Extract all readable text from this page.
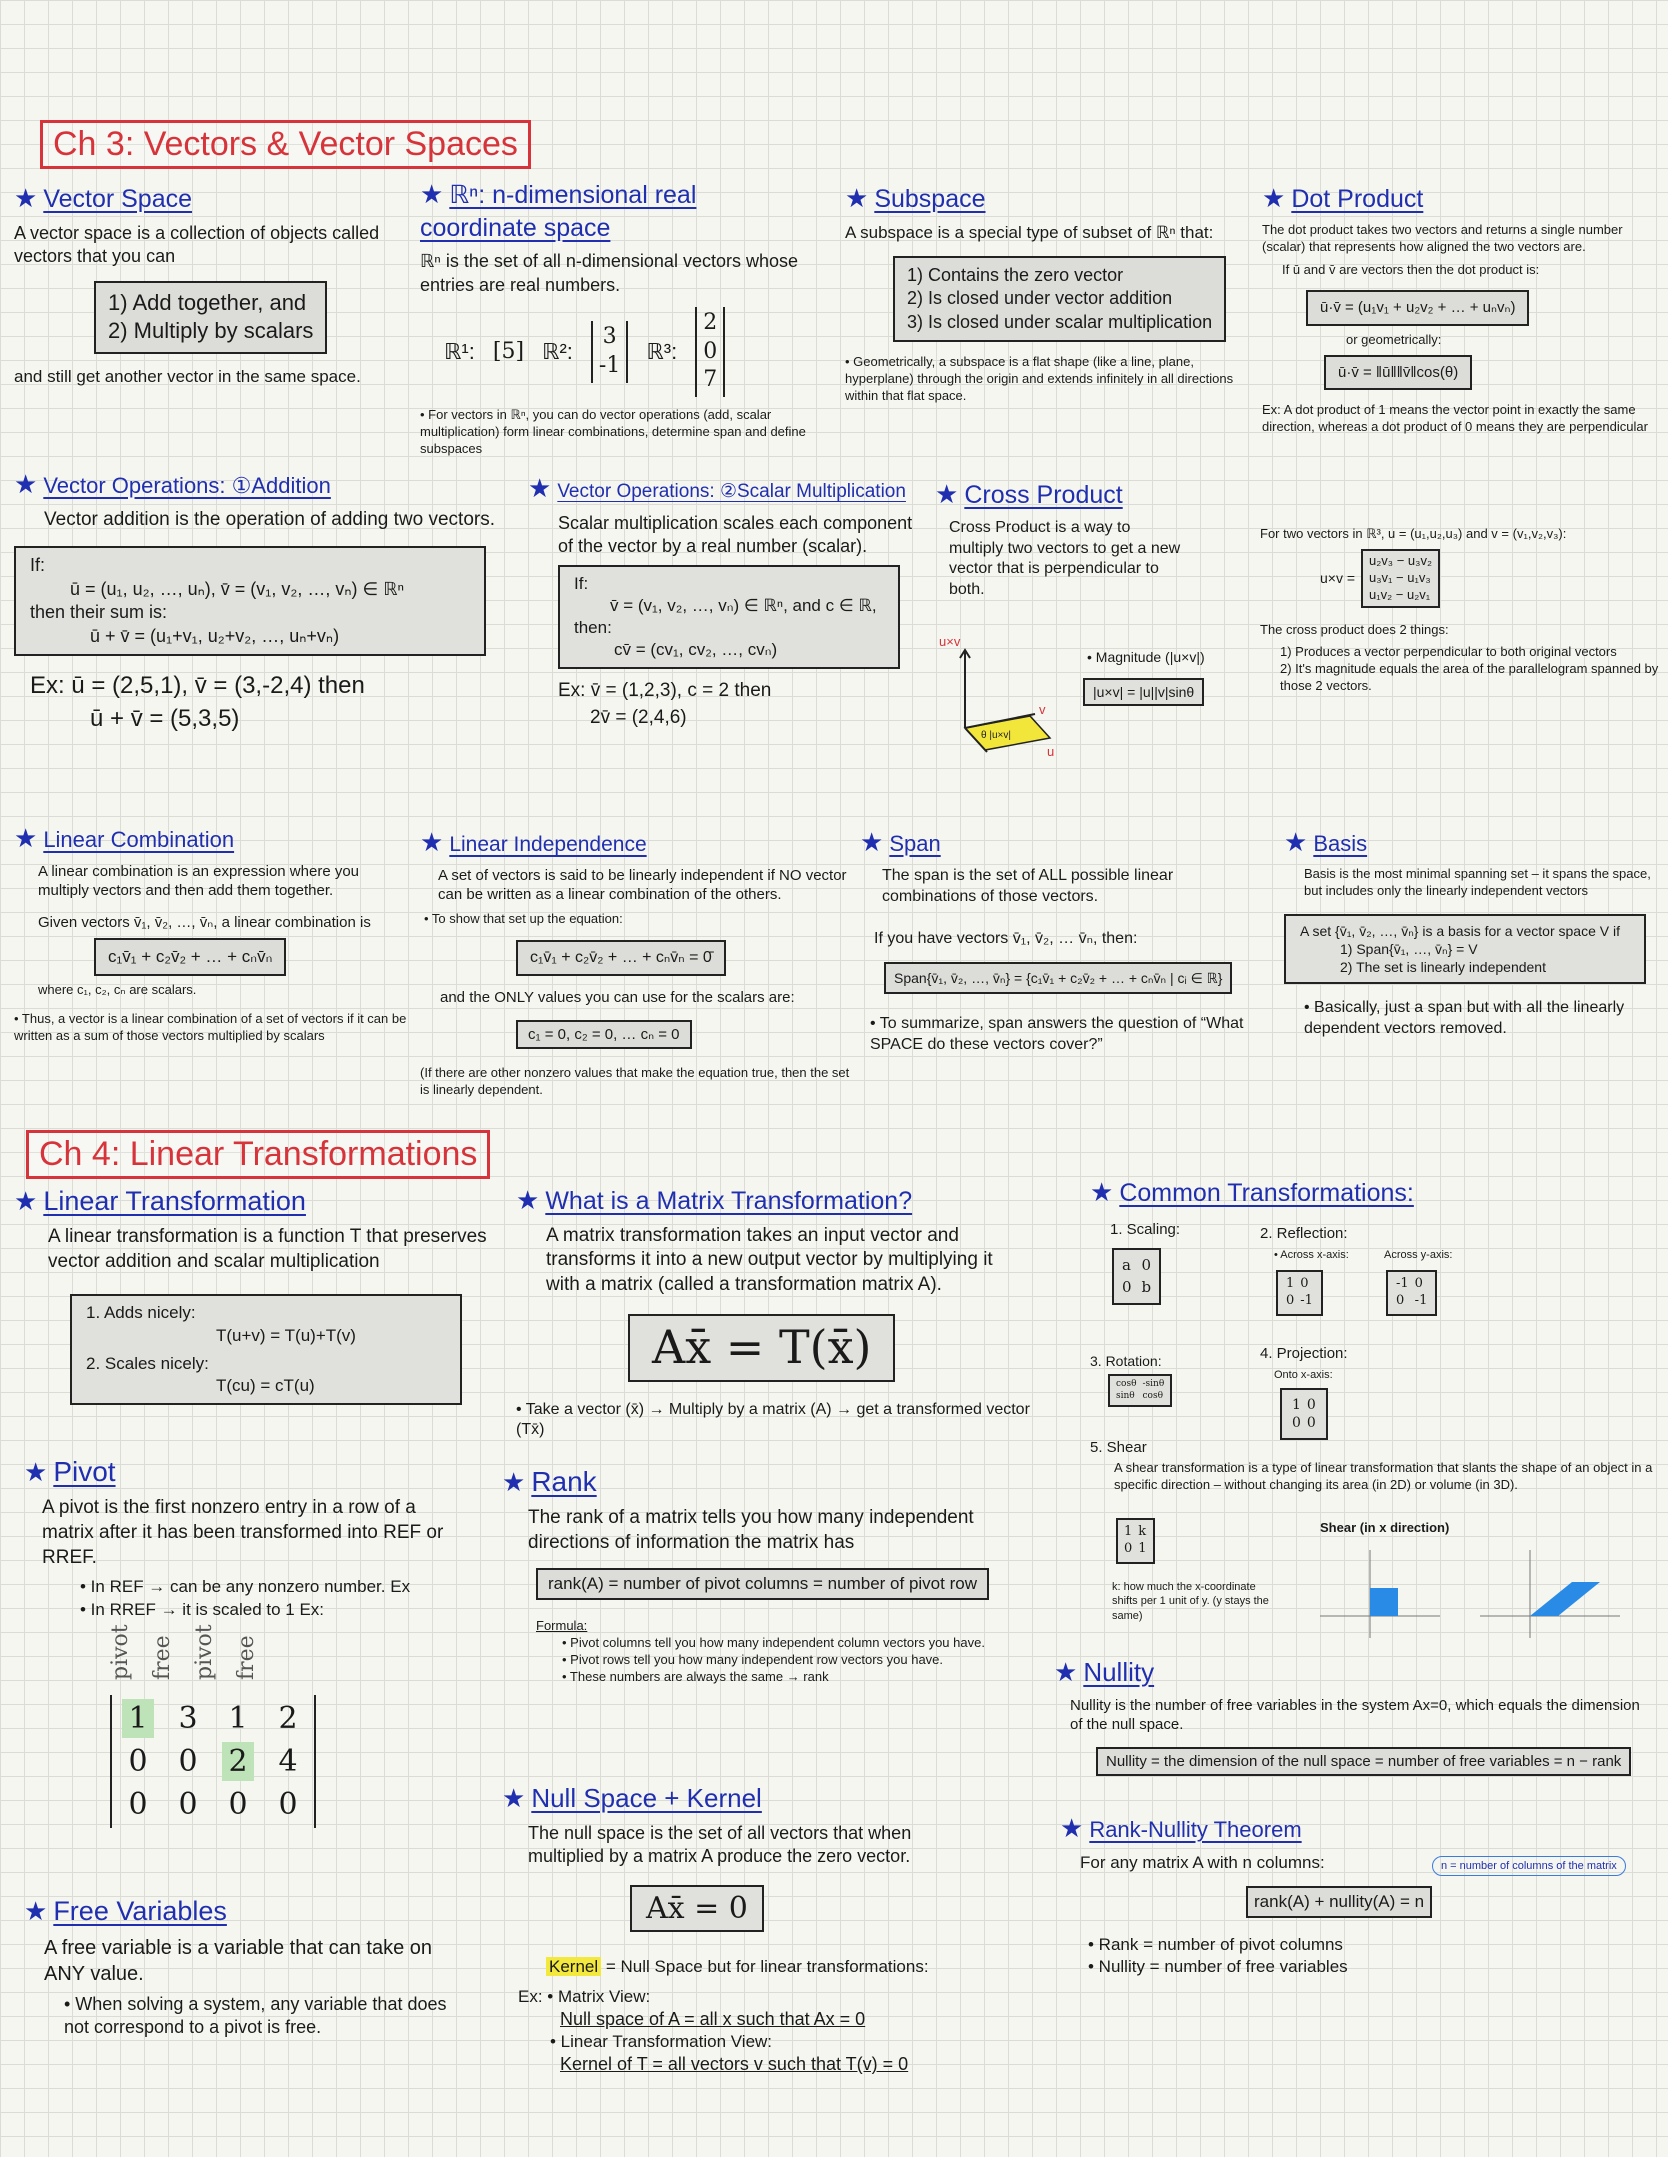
Ch 3: Vectors & Vector Spaces
Ch 4: Linear Transformations
★ Vector Space

A vector space is a collection of objects called vectors that you can

1) Add together, and
2) Multiply by scalars

and still get another vector in the same space.

★ ℝⁿ: n-dimensional real coordinate space

ℝⁿ is the set of all n-dimensional vectors whose entries are real numbers.

ℝ¹: [5] ℝ²:
3
-1
ℝ³:
2
0
7

• For vectors in ℝⁿ, you can do vector operations (add, scalar multiplication) form linear combinations, determine span and define subspaces

★ Subspace

A subspace is a special type of subset of ℝⁿ that:

1) Contains the zero vector
2) Is closed under vector addition
3) Is closed under scalar multiplication

• Geometrically, a subspace is a flat shape (like a line, plane, hyperplane) through the origin and extends infinitely in all directions within that flat space.

★ Dot Product

The dot product takes two vectors and returns a single number (scalar) that represents how aligned the two vectors are.

If ū and v̄ are vectors then the dot product is:

ū·v̄ = (u₁v₁ + u₂v₂ + … + uₙvₙ)
or geometrically:
ū·v̄ = ‖ū‖‖v̄‖cos(θ)

Ex: A dot product of 1 means the vector point in exactly the same direction, whereas a dot product of 0 means they are perpendicular

★ Vector Operations: ①Addition

Vector addition is the operation of adding two vectors.

If:
ū = (u₁, u₂, …, uₙ), v̄ = (v₁, v₂, …, vₙ) ∈ ℝⁿ
then their sum is:
ū + v̄ = (u₁+v₁, u₂+v₂, …, uₙ+vₙ)

Ex: ū = (2,5,1), v̄ = (3,-2,4) then

ū + v̄ = (5,3,5)

★ Vector Operations: ②Scalar Multiplication

Scalar multiplication scales each component of the vector by a real number (scalar).

If:
v̄ = (v₁, v₂, …, vₙ) ∈ ℝⁿ, and c ∈ ℝ,
then:
cv̄ = (cv₁, cv₂, …, cvₙ)

Ex: v̄ = (1,2,3), c = 2 then

2v̄ = (2,4,6)

★ Cross Product

Cross Product is a way to multiply two vectors to get a new vector that is perpendicular to both.

u×v
v
u
θ |u×v|
• Magnitude (|u×v|)
|u×v| = |u||v|sinθ

For two vectors in ℝ³, u = (u₁,u₂,u₃) and v = (v₁,v₂,v₃):

u×v =
u₂v₃ − u₃v₂
u₃v₁ − u₁v₃
u₁v₂ − u₂v₁

The cross product does 2 things:

1) Produces a vector perpendicular to both original vectors
2) It's magnitude equals the area of the parallelogram spanned by those 2 vectors.
★ Linear Combination

A linear combination is an expression where you multiply vectors and then add them together.

Given vectors v̄₁, v̄₂, …, v̄ₙ, a linear combination is

c₁v̄₁ + c₂v̄₂ + … + cₙv̄ₙ
where c₁, c₂, cₙ are scalars.

• Thus, a vector is a linear combination of a set of vectors if it can be written as a sum of those vectors multiplied by scalars

★ Linear Independence

A set of vectors is said to be linearly independent if NO vector can be written as a linear combination of the others.

• To show that set up the equation:

c₁v̄₁ + c₂v̄₂ + … + cₙv̄ₙ = 0̄

and the ONLY values you can use for the scalars are:

c₁ = 0, c₂ = 0, … cₙ = 0

(If there are other nonzero values that make the equation true, then the set is linearly dependent.

★ Span

The span is the set of ALL possible linear combinations of those vectors.

If you have vectors v̄₁, v̄₂, … v̄ₙ, then:

Span{v̄₁, v̄₂, …, v̄ₙ} = {c₁v̄₁ + c₂v̄₂ + … + cₙv̄ₙ | cᵢ ∈ ℝ}

• To summarize, span answers the question of “What SPACE do these vectors cover?”

★ Basis

Basis is the most minimal spanning set – it spans the space, but includes only the linearly independent vectors

A set {v̄₁, v̄₂, …, v̄ₙ} is a basis for a vector space V if
1) Span{v̄₁, …, v̄ₙ} = V
2) The set is linearly independent

• Basically, just a span but with all the linearly dependent vectors removed.

★ Linear Transformation

A linear transformation is a function T that preserves vector addition and scalar multiplication

1. Adds nicely:
T(u+v) = T(u)+T(v)
2. Scales nicely:
T(cu) = cT(u)
★ What is a Matrix Transformation?

A matrix transformation takes an input vector and transforms it into a new output vector by multiplying it with a matrix (called a transformation matrix A).

Ax̄ = T(x̄)

• Take a vector (x̄) → Multiply by a matrix (A) → get a transformed vector (Tx̄)

★ Common Transformations:
1. Scaling:
a 0
0 b
2. Reflection:
• Across x-axis:
1 0
0 -1
Across y-axis:
-1 0
0 -1
3. Rotation:
cosθ -sinθ
sinθ cosθ
4. Projection:
Onto x-axis:
1 0
0 0
5. Shear
A shear transformation is a type of linear transformation that slants the shape of an object in a specific direction – without changing its area (in 2D) or volume (in 3D).
1 k
0 1
k: how much the x-coordinate shifts per 1 unit of y. (y stays the same)
Shear (in x direction)
★ Pivot

A pivot is the first nonzero entry in a row of a matrix after it has been transformed into REF or RREF.

• In REF → can be any nonzero number. Ex
• In RREF → it is scaled to 1 Ex:
pivot free pivot free
1 3 1 2
0 0 2 4
0 0 0 0
★ Rank

The rank of a matrix tells you how many independent directions of information the matrix has

rank(A) = number of pivot columns = number of pivot row
Formula:
• Pivot columns tell you how many independent column vectors you have.
• Pivot rows tell you how many independent row vectors you have.
• These numbers are always the same → rank	★ Nullity

Nullity is the number of free variables in the system Ax=0, which equals the dimension of the null space.

Nullity = the dimension of the null space = number of free variables = n − rank
★ Rank-Nullity Theorem

For any matrix A with n columns:	n = number of columns of the matrix
rank(A) + nullity(A) = n
• Rank = number of pivot columns
• Nullity = number of free variables
★ Free Variables

A free variable is a variable that can take on ANY value.

• When solving a system, any variable that does not correspond to a pivot is free.

★ Null Space + Kernel

The null space is the set of all vectors that when multiplied by a matrix A produce the zero vector.

Ax̄ = 0
Kernel = Null Space but for linear transformations:
Ex: • Matrix View:
Null space of A = all x such that Ax = 0
• Linear Transformation View:
Kernel of T = all vectors v such that T(v) = 0
